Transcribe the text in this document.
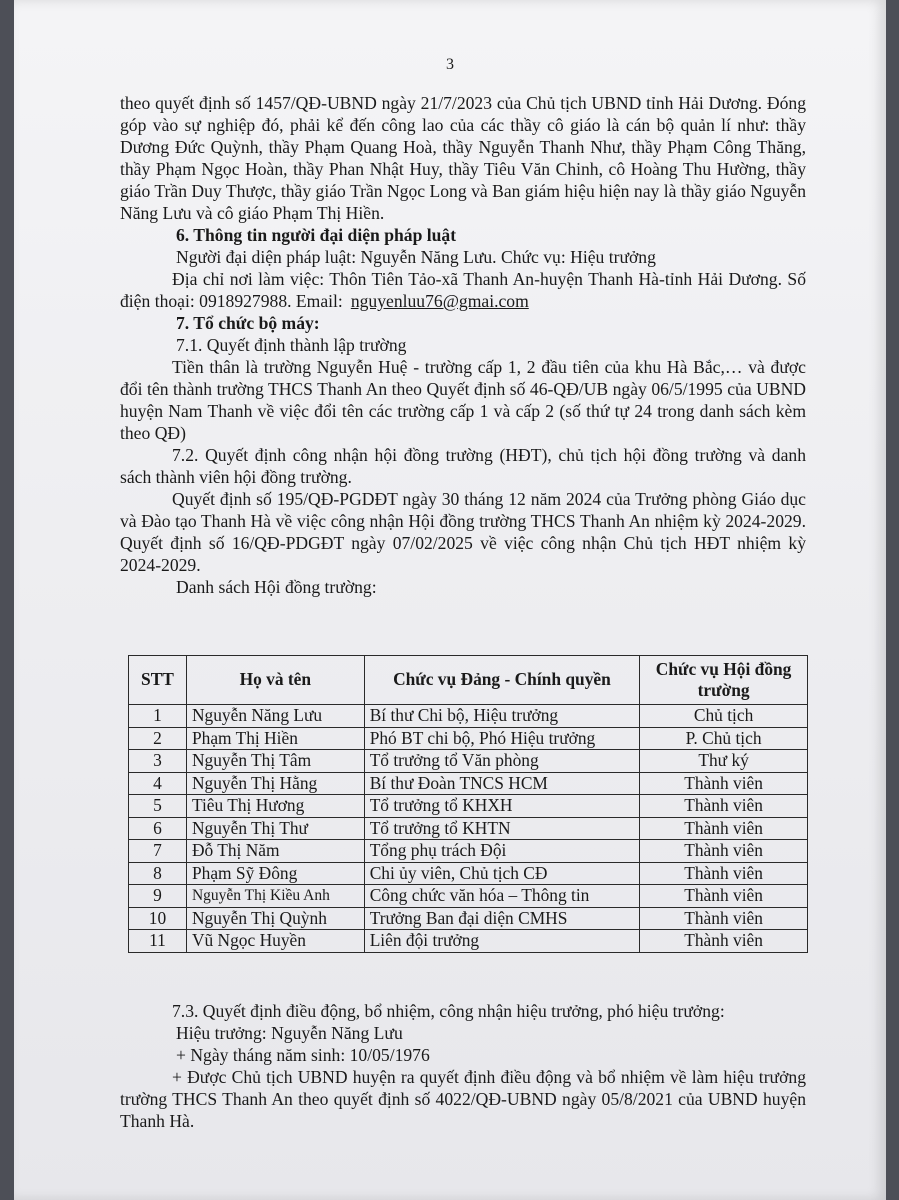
3

theo quyết định số 1457/QĐ-UBND ngày 21/7/2023 của Chủ tịch UBND tỉnh Hải Dương. Đóng góp vào sự nghiệp đó, phải kể đến công lao của các thầy cô giáo là cán bộ quản lí như: thầy Dương Đức Quỳnh, thầy Phạm Quang Hoà, thầy Nguyễn Thanh Như, thầy Phạm Công Thăng, thầy Phạm Ngọc Hoàn, thầy Phan Nhật Huy, thầy Tiêu Văn Chinh, cô Hoàng Thu Hường, thầy giáo Trần Duy Thược, thầy giáo Trần Ngọc Long và Ban giám hiệu hiện nay là thầy giáo Nguyễn Năng Lưu và cô giáo Phạm Thị Hiền.

6. Thông tin người đại diện pháp luật

Người đại diện pháp luật: Nguyễn Năng Lưu. Chức vụ: Hiệu trưởng

Địa chỉ nơi làm việc: Thôn Tiên Tảo-xã Thanh An-huyện Thanh Hà-tỉnh Hải Dương. Số điện thoại: 0918927988. Email: nguyenluu76@gmai.com

7. Tổ chức bộ máy:

7.1. Quyết định thành lập trường

Tiền thân là trường Nguyễn Huệ - trường cấp 1, 2 đầu tiên của khu Hà Bắc,… và được đổi tên thành trường THCS Thanh An theo Quyết định số 46-QĐ/UB ngày 06/5/1995 của UBND huyện Nam Thanh về việc đổi tên các trường cấp 1 và cấp 2 (số thứ tự 24 trong danh sách kèm theo QĐ)

7.2. Quyết định công nhận hội đồng trường (HĐT), chủ tịch hội đồng trường và danh sách thành viên hội đồng trường.

Quyết định số 195/QĐ-PGDĐT ngày 30 tháng 12 năm 2024 của Trưởng phòng Giáo dục và Đào tạo Thanh Hà về việc công nhận Hội đồng trường THCS Thanh An nhiệm kỳ 2024-2029. Quyết định số 16/QĐ-PDGĐT ngày 07/02/2025 về việc công nhận Chủ tịch HĐT nhiệm kỳ 2024-2029.

Danh sách Hội đồng trường:

STT	Họ và tên	Chức vụ Đảng - Chính quyền	Chức vụ Hội đồng trường
1	Nguyễn Năng Lưu	Bí thư Chi bộ, Hiệu trưởng	Chủ tịch
2	Phạm Thị Hiền	Phó BT chi bộ, Phó Hiệu trưởng	P. Chủ tịch
3	Nguyễn Thị Tâm	Tổ trưởng tổ Văn phòng	Thư ký
4	Nguyễn Thị Hằng	Bí thư Đoàn TNCS HCM	Thành viên
5	Tiêu Thị Hương	Tổ trưởng tổ KHXH	Thành viên
6	Nguyễn Thị Thư	Tổ trưởng tổ KHTN	Thành viên
7	Đỗ Thị Năm	Tổng phụ trách Đội	Thành viên
8	Phạm Sỹ Đông	Chi ủy viên, Chủ tịch CĐ	Thành viên
9	Nguyễn Thị Kiều Anh	Công chức văn hóa – Thông tin	Thành viên
10	Nguyễn Thị Quỳnh	Trưởng Ban đại diện CMHS	Thành viên
11	Vũ Ngọc Huyền	Liên đội trưởng	Thành viên

7.3. Quyết định điều động, bổ nhiệm, công nhận hiệu trưởng, phó hiệu trưởng:

Hiệu trưởng: Nguyễn Năng Lưu

+ Ngày tháng năm sinh: 10/05/1976

+ Được Chủ tịch UBND huyện ra quyết định điều động và bổ nhiệm về làm hiệu trưởng trường THCS Thanh An theo quyết định số 4022/QĐ-UBND ngày 05/8/2021 của UBND huyện Thanh Hà.
